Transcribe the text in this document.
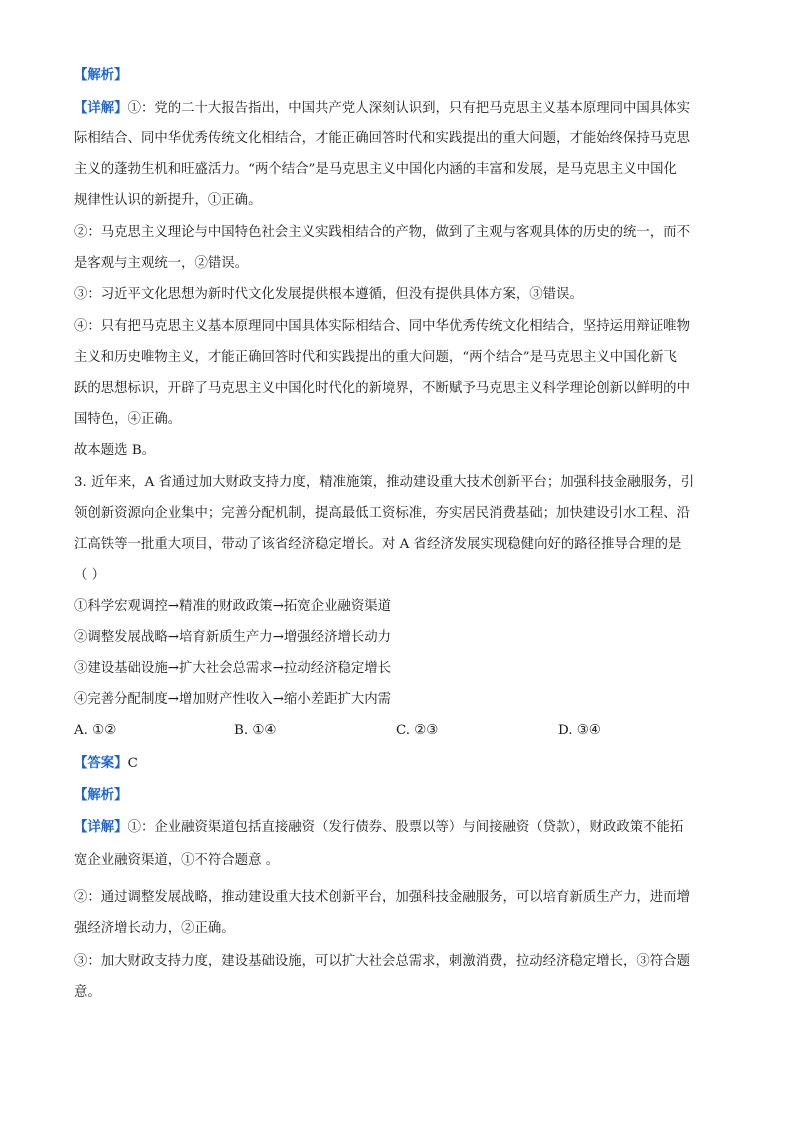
【解析】
【详解】①：党的二十大报告指出，中国共产党人深刻认识到，只有把马克思主义基本原理同中国具体实
际相结合、同中华优秀传统文化相结合，才能正确回答时代和实践提出的重大问题，才能始终保持马克思
主义的蓬勃生机和旺盛活力。“两个结合”是马克思主义中国化内涵的丰富和发展，是马克思主义中国化
规律性认识的新提升，①正确。
②：马克思主义理论与中国特色社会主义实践相结合的产物，做到了主观与客观具体的历史的统一，而不
是客观与主观统一，②错误。
③：习近平文化思想为新时代文化发展提供根本遵循，但没有提供具体方案，③错误。
④：只有把马克思主义基本原理同中国具体实际相结合、同中华优秀传统文化相结合，坚持运用辩证唯物
主义和历史唯物主义，才能正确回答时代和实践提出的重大问题，“两个结合”是马克思主义中国化新飞
跃的思想标识，开辟了马克思主义中国化时代化的新境界，不断赋予马克思主义科学理论创新以鲜明的中
国特色，④正确。
故本题选 B。
3. 近年来，A 省通过加大财政支持力度，精准施策，推动建设重大技术创新平台；加强科技金融服务，引
领创新资源向企业集中；完善分配机制，提高最低工资标准，夯实居民消费基础；加快建设引水工程、沿
江高铁等一批重大项目，带动了该省经济稳定增长。对 A 省经济发展实现稳健向好的路径推导合理的是
（ ）
①科学宏观调控→精准的财政政策→拓宽企业融资渠道
②调整发展战略→培育新质生产力→增强经济增长动力
③建设基础设施→扩大社会总需求→拉动经济稳定增长
④完善分配制度→增加财产性收入→缩小差距扩大内需
A. ①②	B. ①④	C. ②③	D. ③④
【答案】C
【解析】
【详解】①：企业融资渠道包括直接融资（发行债券、股票以等）与间接融资（贷款），财政政策不能拓
宽企业融资渠道，①不符合题意 。
②：通过调整发展战略，推动建设重大技术创新平台，加强科技金融服务，可以培育新质生产力，进而增
强经济增长动力，②正确。
③：加大财政支持力度，建设基础设施，可以扩大社会总需求，刺激消费，拉动经济稳定增长，③符合题
意。
